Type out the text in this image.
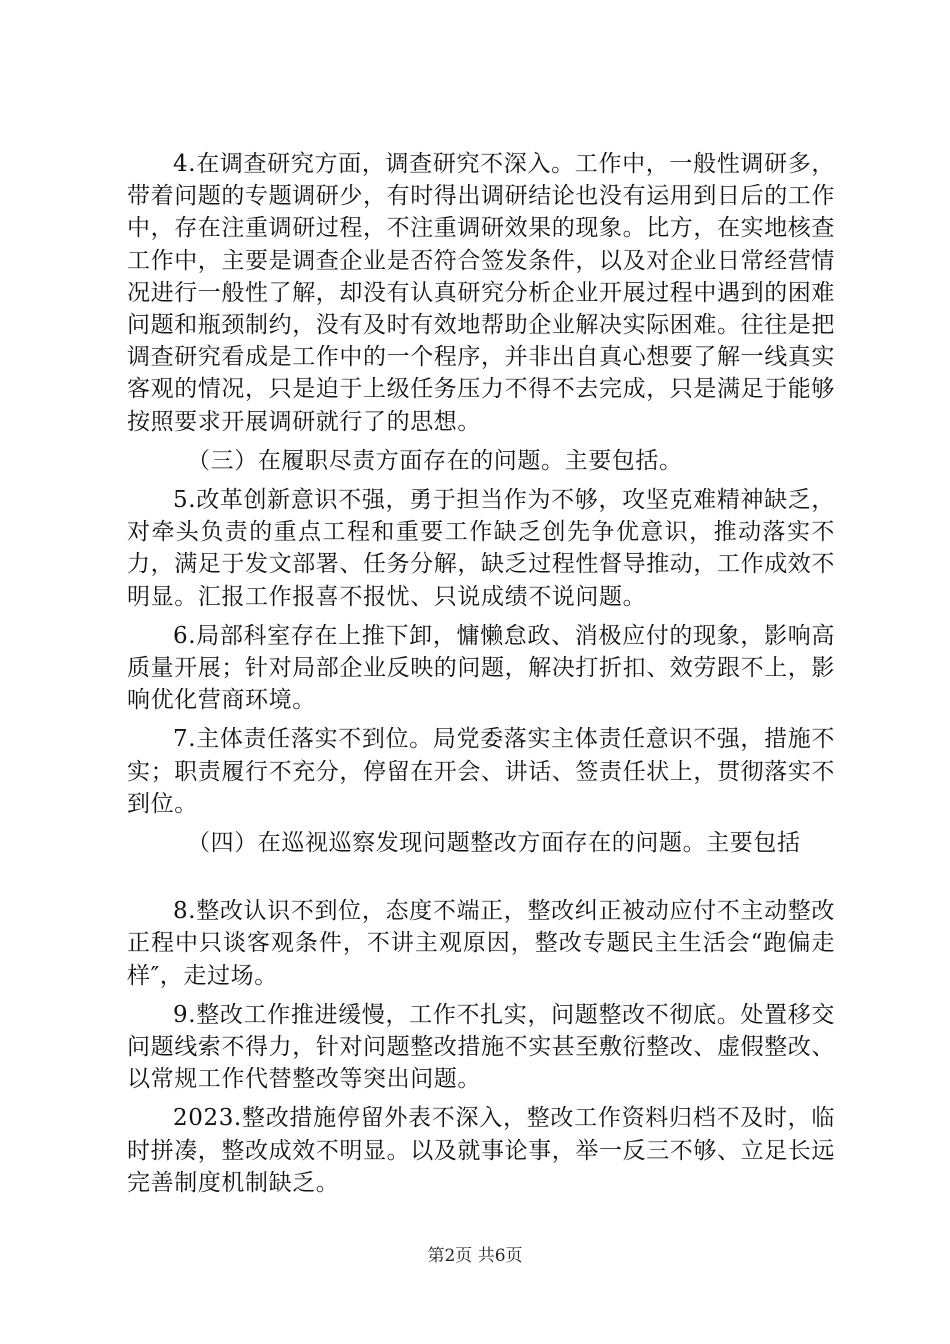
4.在调查研究方面，调查研究不深入。工作中，一般性调研多，带着问题的专题调研少，有时得出调研结论也没有运用到日后的工作中，存在注重调研过程，不注重调研效果的现象。比方，在实地核查工作中，主要是调查企业是否符合签发条件，以及对企业日常经营情况进行一般性了解，却没有认真研究分析企业开展过程中遇到的困难问题和瓶颈制约，没有及时有效地帮助企业解决实际困难。往往是把调查研究看成是工作中的一个程序，并非出自真心想要了解一线真实客观的情况，只是迫于上级任务压力不得不去完成，只是满足于能够按照要求开展调研就行了的思想。

（三）在履职尽责方面存在的问题。主要包括。

5.改革创新意识不强，勇于担当作为不够，攻坚克难精神缺乏，对牵头负责的重点工程和重要工作缺乏创先争优意识，推动落实不力，满足于发文部署、任务分解，缺乏过程性督导推动，工作成效不明显。汇报工作报喜不报忧、只说成绩不说问题。

6.局部科室存在上推下卸，慵懒怠政、消极应付的现象，影响高质量开展；针对局部企业反映的问题，解决打折扣、效劳跟不上，影响优化营商环境。

7.主体责任落实不到位。局党委落实主体责任意识不强，措施不实；职责履行不充分，停留在开会、讲话、签责任状上，贯彻落实不到位。

（四）在巡视巡察发现问题整改方面存在的问题。主要包括

8.整改认识不到位，态度不端正，整改纠正被动应付不主动整改正程中只谈客观条件，不讲主观原因，整改专题民主生活会“跑偏走样″，走过场。

9.整改工作推进缓慢，工作不扎实，问题整改不彻底。处置移交问题线索不得力，针对问题整改措施不实甚至敷衍整改、虚假整改、以常规工作代替整改等突出问题。

2023.整改措施停留外表不深入，整改工作资料归档不及时，临时拼凑，整改成效不明显。以及就事论事，举一反三不够、立足长远完善制度机制缺乏。

第2页 共6页
